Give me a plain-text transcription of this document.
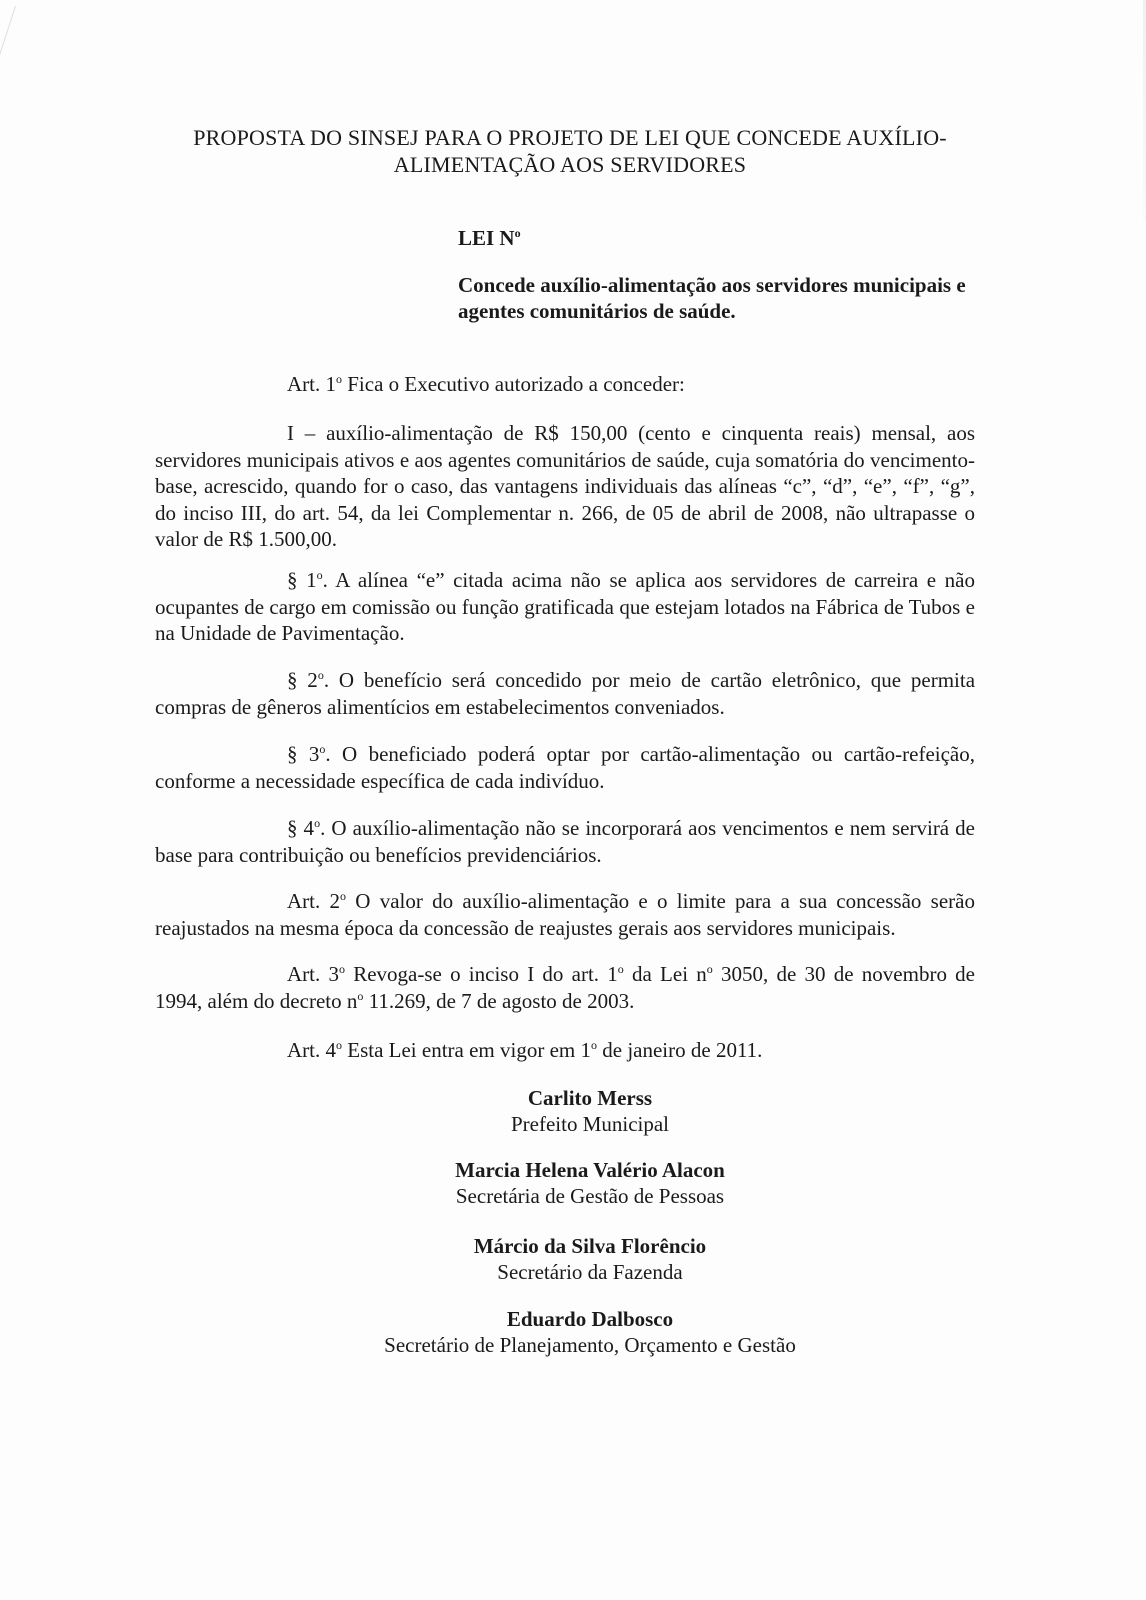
PROPOSTA DO SINSEJ PARA O PROJETO DE LEI QUE CONCEDE AUXÍLIO-
ALIMENTAÇÃO AOS SERVIDORES
LEI $N^o$
Concede auxílio-alimentação aos servidores municipais e agentes comunitários de saúde.
Art. 1$^o$ Fica o Executivo autorizado a conceder:
I – auxílio-alimentação de R$ 150,00 (cento e cinquenta reais) mensal, aos servidores municipais ativos e aos agentes comunitários de saúde, cuja somatória do vencimento-base, acrescido, quando for o caso, das vantagens individuais das alíneas “c”, “d”, “e”, “f”, “g”, do inciso III, do art. 54, da lei Complementar n. 266, de 05 de abril de 2008, não ultrapasse o valor de R$ 1.500,00.
§ 1$^o$. A alínea “e” citada acima não se aplica aos servidores de carreira e não ocupantes de cargo em comissão ou função gratificada que estejam lotados na Fábrica de Tubos e na Unidade de Pavimentação.
§ 2$^o$. O benefício será concedido por meio de cartão eletrônico, que permita compras de gêneros alimentícios em estabelecimentos conveniados.
§ 3$^o$. O beneficiado poderá optar por cartão-alimentação ou cartão-refeição, conforme a necessidade específica de cada indivíduo.
§ 4$^o$. O auxílio-alimentação não se incorporará aos vencimentos e nem servirá de base para contribuição ou benefícios previdenciários.
Art. 2$^o$ O valor do auxílio-alimentação e o limite para a sua concessão serão reajustados na mesma época da concessão de reajustes gerais aos servidores municipais.
Art. 3$^o$ Revoga-se o inciso I do art. 1$^o$ da Lei $n^o$ 3050, de 30 de novembro de 1994, além do decreto $n^o$ 11.269, de 7 de agosto de 2003.
Art. 4$^o$ Esta Lei entra em vigor em 1$^o$ de janeiro de 2011.
Carlito Merss
Prefeito Municipal
Marcia Helena Valério Alacon
Secretária de Gestão de Pessoas
Márcio da Silva Florêncio
Secretário da Fazenda
Eduardo Dalbosco
Secretário de Planejamento, Orçamento e Gestão
